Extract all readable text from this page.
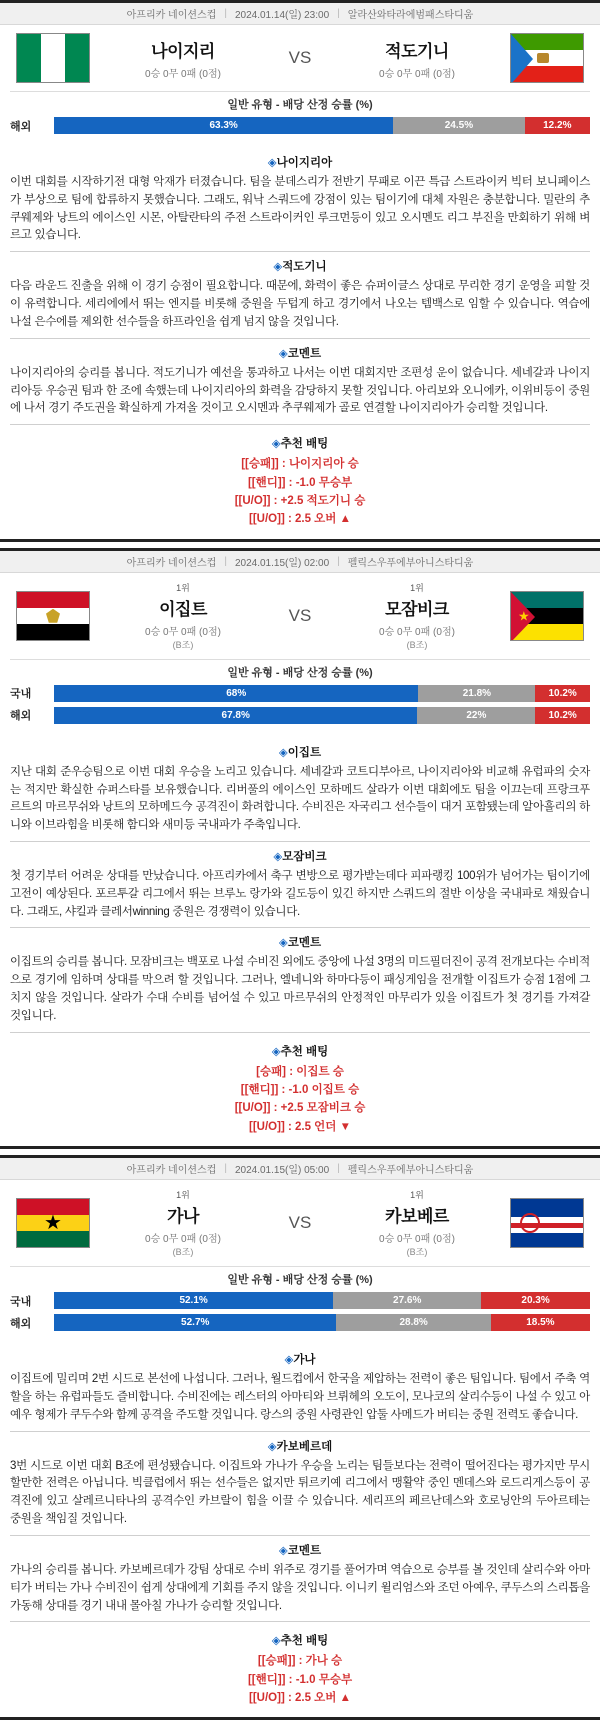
아프리카 네이션스컵 | 2024.01.14(일) 23:00 | 알라산와타라에범패스타디움
나이지리
0승 0무 0패 (0점)
VS	적도기니
0승 0무 0패 (0점)
일반 유형 - 배당 산정 승률 (%)
해외	63.3%	24.5%	12.2%
◈나이지리아
이번 대회를 시작하기전 대형 악재가 터졌습니다. 팀을 분데스리가 전반기 무패로 이끈 특급 스트라이커 빅터 보니페이스가 부상으로 팀에 합류하지 못했습니다. 그래도, 워낙 스쿼드에 강점이 있는 팀이기에 대체 자원은 충분합니다. 밀란의 추쿠웨제와 낭트의 에이스인 시몬, 아탈란타의 주전 스트라이커인 루크먼등이 있고 오시멘도 리그 부진을 만회하기 위해 벼르고 있습니다.
◈적도기니
다음 라운드 진출을 위해 이 경기 승점이 필요합니다. 때문에, 화력이 좋은 슈퍼이글스 상대로 무리한 경기 운영을 피할 것이 유력합니다. 세리에에서 뛰는 엔지를 비롯해 중원을 두텁게 하고 경기에서 나오는 템백스로 임할 수 있습니다. 역습에 나설 은수에를 제외한 선수들을 하프라인을 쉽게 넘지 않을 것입니다.
◈코멘트
나이지리아의 승리를 봅니다. 적도기니가 예선을 통과하고 나서는 이번 대회지만 조편성 운이 없습니다. 세네갈과 나이지리아등 우승권 팀과 한 조에 속했는데 나이지리아의 화력을 감당하지 못할 것입니다. 아리보와 오니에카, 이위비등이 중원에 나서 경기 주도권을 확실하게 가져올 것이고 오시멘과 추쿠웨제가 골로 연결할 나이지리아가 승리할 것입니다.
◈추천 배팅
[[승패]] : 나이지리아 승
[[핸디]] : -1.0 무승부
[[U/O]] : +2.5 적도기니 승
[[U/O]] : 2.5 오버 ▲
아프리카 네이션스컵 | 2024.01.15(일) 02:00 | 펠릭스우푸에부아니스타디움
1위
이집트
0승 0무 0패 (0점)
(B조)
VS
1위
모잠비크
0승 0무 0패 (0점)
(B조)
★
일반 유형 - 배당 산정 승률 (%)
국내	68%	21.8%	10.2%
해외	67.8%	22%	10.2%
◈이집트
지난 대회 준우승팀으로 이번 대회 우승을 노리고 있습니다. 세네갈과 코트디부아르, 나이지리아와 비교해 유럽파의 숫자는 적지만 확실한 슈퍼스타를 보유했습니다. 리버풀의 에이스인 모하메드 살라가 이번 대회에도 팀을 이끄는데 프랑크푸르트의 마르무쉬와 낭트의 모하메드今 공격진이 화려합니다. 수비진은 자국리그 선수들이 대거 포함됐는데 알아흘리의 하니와 이브라힘을 비롯해 함디와 새미등 국내파가 주축입니다.
◈모잠비크
첫 경기부터 어려운 상대를 만났습니다. 아프리카에서 축구 변방으로 평가받는데다 피파랭킹 100위가 넘어가는 팀이기에 고전이 예상된다. 포르투갈 리그에서 뛰는 브루노 랑가와 길도등이 있긴 하지만 스쿼드의 절반 이상을 국내파로 채웠습니다. 그래도, 샤킬과 클레서winning 중원은 경쟁력이 있습니다.
◈코멘트
이집트의 승리를 봅니다. 모잠비크는 백포로 나설 수비진 외에도 중앙에 나설 3명의 미드필더진이 공격 전개보다는 수비적으로 경기에 임하며 상대를 막으려 할 것입니다. 그러나, 엘네니와 하마다등이 패싱게임을 전개할 이집트가 승점 1점에 그치지 않을 것입니다. 살라가 수대 수비를 넘어설 수 있고 마르무쉬의 안정적인 마무리가 있을 이집트가 첫 경기를 가져갈 것입니다.
◈추천 배팅
[승패] : 이집트 승
[[핸디]] : -1.0 이집트 승
[[U/O]] : +2.5 모잠비크 승
[[U/O]] : 2.5 언더 ▼
아프리카 네이션스컵 | 2024.01.15(일) 05:00 | 펠릭스우푸에부아니스타디움
★
1위
가나
0승 0무 0패 (0점)
(B조)
VS
1위
카보베르
0승 0무 0패 (0점)
(B조)
일반 유형 - 배당 산정 승률 (%)
국내	52.1%	27.6%	20.3%
해외	52.7%	28.8%	18.5%
◈가나
이집트에 밀리며 2번 시드로 본선에 나섭니다. 그러나, 월드컵에서 한국을 제압하는 전력이 좋은 팀입니다. 팀에서 주축 역할을 하는 유럽파들도 즐비합니다. 수비진에는 레스터의 아마티와 브뤼헤의 오도이, 모나코의 살리수등이 나설 수 있고 아예우 형제가 쿠두수와 함께 공격을 주도할 것입니다. 랑스의 중원 사령관인 압둘 사메드가 버티는 중원 전력도 좋습니다.
◈카보베르데
3번 시드로 이번 대회 B조에 편성됐습니다. 이집트와 가나가 우승을 노리는 팀들보다는 전력이 떨어진다는 평가지만 무시할만한 전력은 아닙니다. 빅클럽에서 뛰는 선수들은 없지만 튀르키예 리그에서 맹활약 중인 멘데스와 로드리게스등이 공격진에 있고 살레르니타나의 공격수인 카브랄이 힘을 이끌 수 있습니다. 세리프의 페르난데스와 호로닝안의 두아르테는 중원을 책임질 것입니다.
◈코멘트
가나의 승리를 봅니다. 카보베르데가 강팀 상대로 수비 위주로 경기를 풀어가며 역습으로 승부를 볼 것인데 살리수와 아마티가 버티는 가나 수비진이 쉽게 상대에게 기회를 주지 않을 것입니다. 이니키 윌리엄스와 조던 아예우, 쿠두스의 스리톱을 가동해 상대를 경기 내내 몰아칠 가나가 승리할 것입니다.
◈추천 배팅
[[승패]] : 가나 승
[[핸디]] : -1.0 무승부
[[U/O]] : 2.5 오버 ▲
